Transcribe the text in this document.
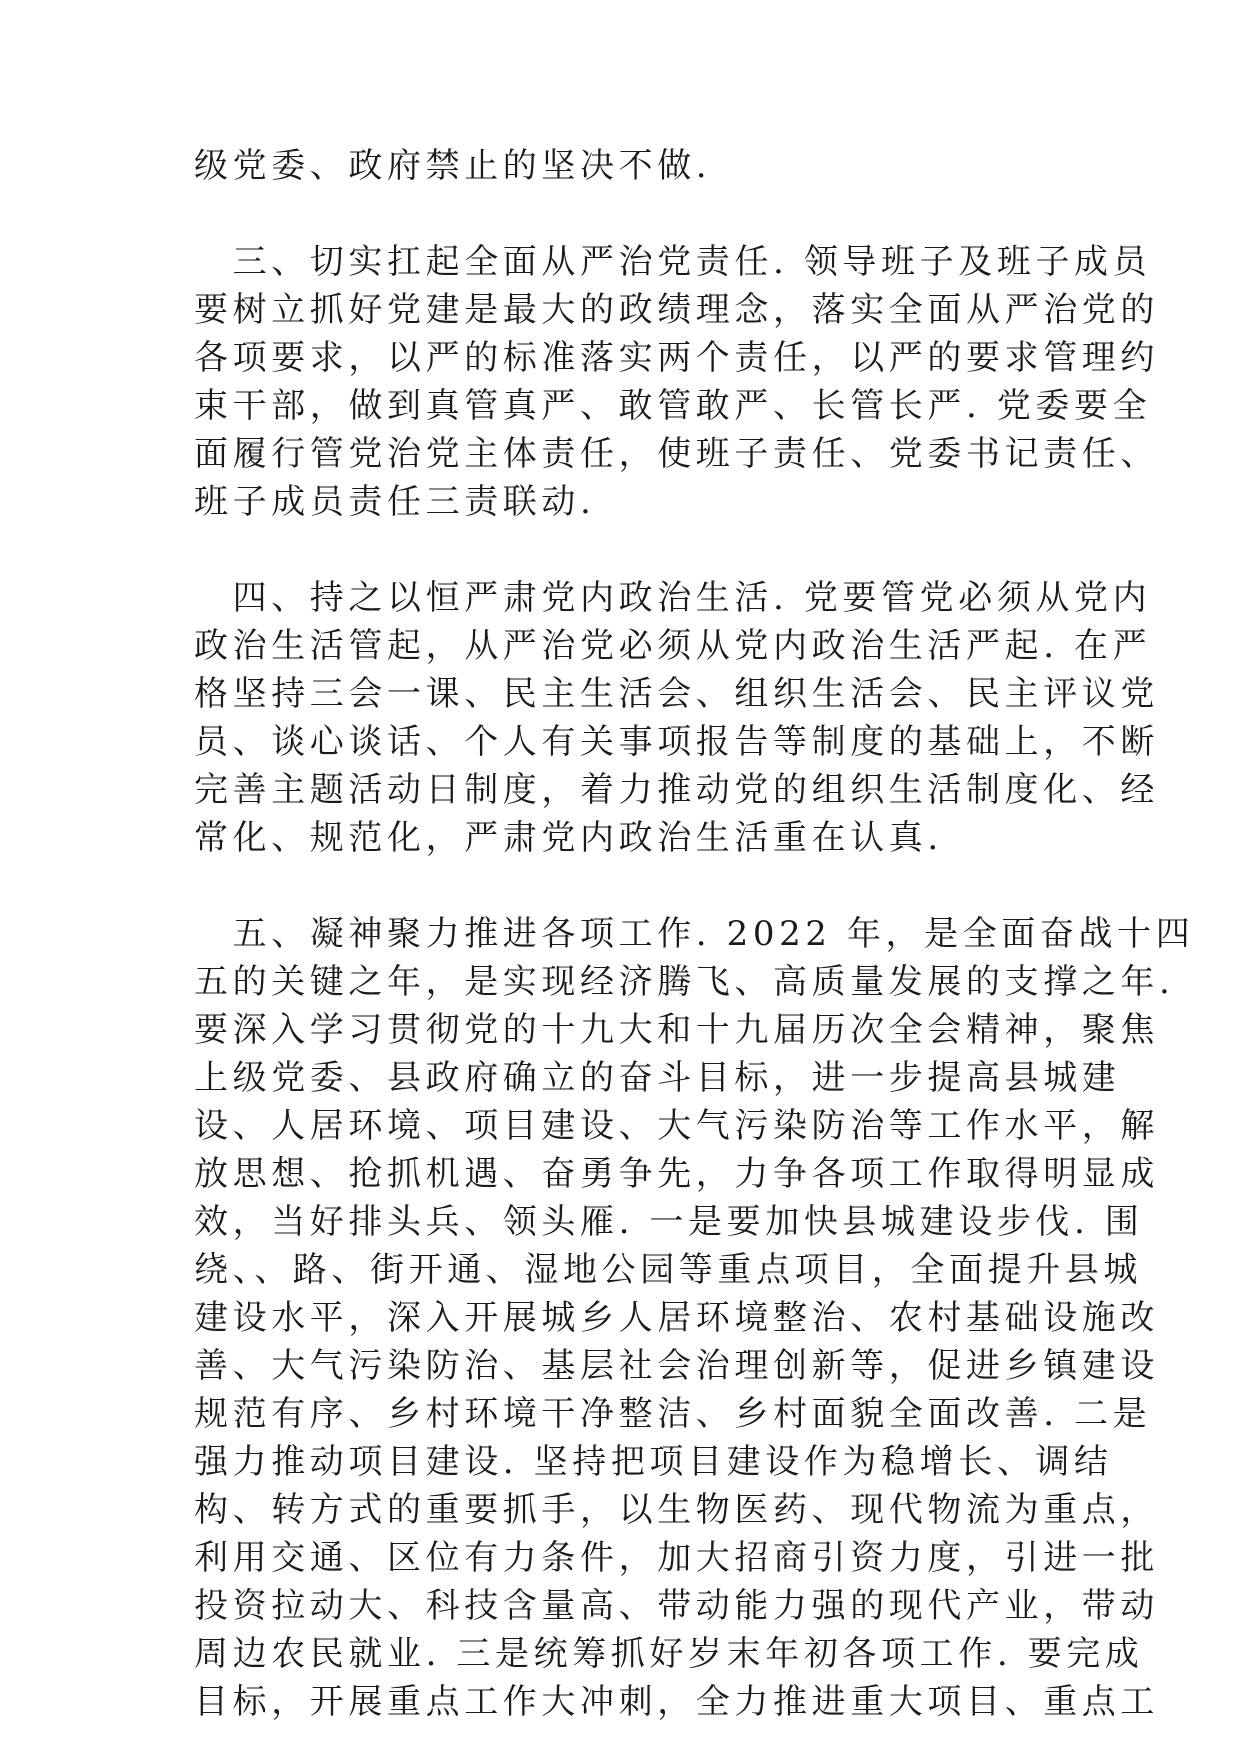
级党委、政府禁止的坚决不做.
　三、切实扛起全面从严治党责任. 领导班子及班子成员
要树立抓好党建是最大的政绩理念，落实全面从严治党的
各项要求，以严的标准落实两个责任，以严的要求管理约
束干部，做到真管真严、敢管敢严、长管长严. 党委要全
面履行管党治党主体责任，使班子责任、党委书记责任、
班子成员责任三责联动.
　四、持之以恒严肃党内政治生活. 党要管党必须从党内
政治生活管起，从严治党必须从党内政治生活严起. 在严
格坚持三会一课、民主生活会、组织生活会、民主评议党
员、谈心谈话、个人有关事项报告等制度的基础上，不断
完善主题活动日制度，着力推动党的组织生活制度化、经
常化、规范化，严肃党内政治生活重在认真.
　五、凝神聚力推进各项工作. 2022 年，是全面奋战十四
五的关键之年，是实现经济腾飞、高质量发展的支撑之年.
要深入学习贯彻党的十九大和十九届历次全会精神，聚焦
上级党委、县政府确立的奋斗目标，进一步提高县城建
设、人居环境、项目建设、大气污染防治等工作水平，解
放思想、抢抓机遇、奋勇争先，力争各项工作取得明显成
效，当好排头兵、领头雁. 一是要加快县城建设步伐. 围
绕、、路、街开通、湿地公园等重点项目，全面提升县城
建设水平，深入开展城乡人居环境整治、农村基础设施改
善、大气污染防治、基层社会治理创新等，促进乡镇建设
规范有序、乡村环境干净整洁、乡村面貌全面改善. 二是
强力推动项目建设. 坚持把项目建设作为稳增长、调结
构、转方式的重要抓手，以生物医药、现代物流为重点，
利用交通、区位有力条件，加大招商引资力度，引进一批
投资拉动大、科技含量高、带动能力强的现代产业，带动
周边农民就业. 三是统筹抓好岁末年初各项工作. 要完成
目标，开展重点工作大冲刺，全力推进重大项目、重点工
